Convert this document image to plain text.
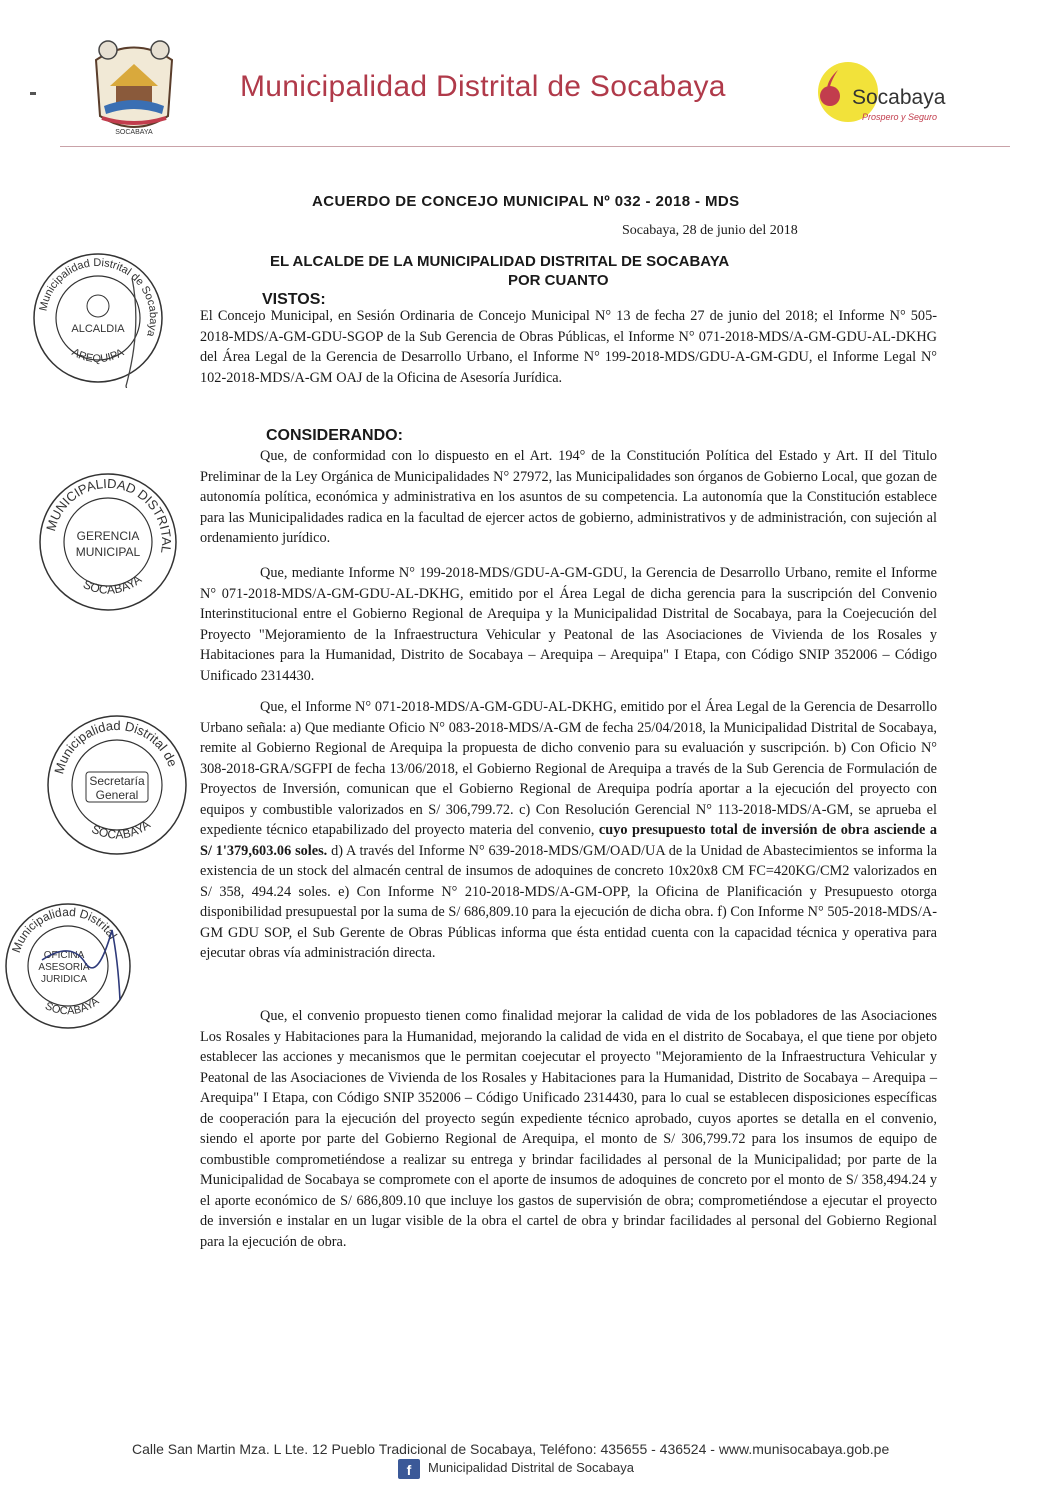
SOCABAYA
Municipalidad Distrital de Socabaya	Socabaya
Prospero y Seguro
ACUERDO DE CONCEJO MUNICIPAL Nº 032 - 2018 - MDS
Socabaya, 28 de junio del 2018
EL ALCALDE DE LA MUNICIPALIDAD DISTRITAL DE SOCABAYA
POR CUANTO
VISTOS:

El Concejo Municipal, en Sesión Ordinaria de Concejo Municipal N° 13 de fecha 27 de junio del 2018; el Informe N° 505-2018-MDS/A-GM-GDU-SGOP de la Sub Gerencia de Obras Públicas, el Informe N° 071-2018-MDS/A-GM-GDU-AL-DKHG del Área Legal de la Gerencia de Desarrollo Urbano, el Informe N° 199-2018-MDS/GDU-A-GM-GDU, el Informe Legal N° 102-2018-MDS/A-GM OAJ de la Oficina de Asesoría Jurídica.

CONSIDERANDO:

Que, de conformidad con lo dispuesto en el Art. 194° de la Constitución Política del Estado y Art. II del Titulo Preliminar de la Ley Orgánica de Municipalidades N° 27972, las Municipalidades son órganos de Gobierno Local, que gozan de autonomía política, económica y administrativa en los asuntos de su competencia. La autonomía que la Constitución establece para las Municipalidades radica en la facultad de ejercer actos de gobierno, administrativos y de administración, con sujeción al ordenamiento jurídico.

Que, mediante Informe N° 199-2018-MDS/GDU-A-GM-GDU, la Gerencia de Desarrollo Urbano, remite el Informe N° 071-2018-MDS/A-GM-GDU-AL-DKHG, emitido por el Área Legal de dicha gerencia para la suscripción del Convenio Interinstitucional entre el Gobierno Regional de Arequipa y la Municipalidad Distrital de Socabaya, para la Coejecución del Proyecto "Mejoramiento de la Infraestructura Vehicular y Peatonal de las Asociaciones de Vivienda de los Rosales y Habitaciones para la Humanidad, Distrito de Socabaya – Arequipa – Arequipa" I Etapa, con Código SNIP 352006 – Código Unificado 2314430.

Que, el Informe N° 071-2018-MDS/A-GM-GDU-AL-DKHG, emitido por el Área Legal de la Gerencia de Desarrollo Urbano señala: a) Que mediante Oficio N° 083-2018-MDS/A-GM de fecha 25/04/2018, la Municipalidad Distrital de Socabaya, remite al Gobierno Regional de Arequipa la propuesta de dicho convenio para su evaluación y suscripción. b) Con Oficio N° 308-2018-GRA/SGFPI de fecha 13/06/2018, el Gobierno Regional de Arequipa a través de la Sub Gerencia de Formulación de Proyectos de Inversión, comunican que el Gobierno Regional de Arequipa podría aportar a la ejecución del proyecto con equipos y combustible valorizados en S/ 306,799.72. c) Con Resolución Gerencial N° 113-2018-MDS/A-GM, se aprueba el expediente técnico etapabilizado del proyecto materia del convenio, cuyo presupuesto total de inversión de obra asciende a S/ 1'379,603.06 soles. d) A través del Informe N° 639-2018-MDS/GM/OAD/UA de la Unidad de Abastecimientos se informa la existencia de un stock del almacén central de insumos de adoquines de concreto 10x20x8 CM FC=420KG/CM2 valorizados en S/ 358, 494.24 soles. e) Con Informe N° 210-2018-MDS/A-GM-OPP, la Oficina de Planificación y Presupuesto otorga disponibilidad presupuestal por la suma de S/ 686,809.10 para la ejecución de dicha obra. f) Con Informe N° 505-2018-MDS/A-GM GDU SOP, el Sub Gerente de Obras Públicas informa que ésta entidad cuenta con la capacidad técnica y operativa para ejecutar obras vía administración directa.

Que, el convenio propuesto tienen como finalidad mejorar la calidad de vida de los pobladores de las Asociaciones Los Rosales y Habitaciones para la Humanidad, mejorando la calidad de vida en el distrito de Socabaya, el que tiene por objeto establecer las acciones y mecanismos que le permitan coejecutar el proyecto "Mejoramiento de la Infraestructura Vehicular y Peatonal de las Asociaciones de Vivienda de los Rosales y Habitaciones para la Humanidad, Distrito de Socabaya – Arequipa – Arequipa" I Etapa, con Código SNIP 352006 – Código Unificado 2314430, para lo cual se establecen disposiciones específicas de cooperación para la ejecución del proyecto según expediente técnico aprobado, cuyos aportes se detalla en el convenio, siendo el aporte por parte del Gobierno Regional de Arequipa, el monto de S/ 306,799.72 para los insumos de equipo de combustible comprometiéndose a realizar su entrega y brindar facilidades al personal de la Municipalidad; por parte de la Municipalidad de Socabaya se compromete con el aporte de insumos de adoquines de concreto por el monto de S/ 358,494.24 y el aporte económico de S/ 686,809.10 que incluye los gastos de supervisión de obra; comprometiéndose a ejecutar el proyecto de inversión e instalar en un lugar visible de la obra el cartel de obra y brindar facilidades al personal del Gobierno Regional para la ejecución de obra.

Municipalidad Distrital de Socabaya
ALCALDIA
AREQUIPA
MUNICIPALIDAD DISTRITAL
GERENCIA
MUNICIPAL
SOCABAYA
Municipalidad Distrital de
Secretaría
General
SOCABAYA
Municipalidad Distrital
OFICINA
ASESORIA
JURIDICA
SOCABAYA
Calle San Martin Mza. L Lte. 12 Pueblo Tradicional de Socabaya, Teléfono: 435655 - 436524 - www.munisocabaya.gob.pe
f Municipalidad Distrital de Socabaya
